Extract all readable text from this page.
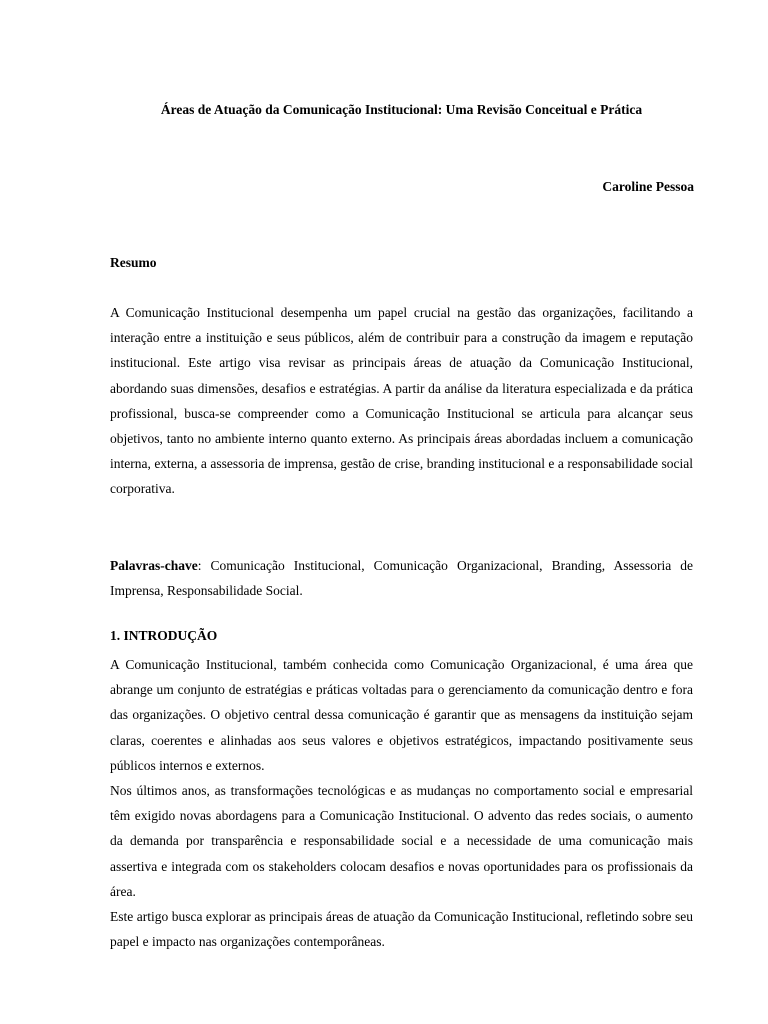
Áreas de Atuação da Comunicação Institucional: Uma Revisão Conceitual e Prática
Caroline Pessoa
Resumo

A Comunicação Institucional desempenha um papel crucial na gestão das organizações, facilitando a interação entre a instituição e seus públicos, além de contribuir para a construção da imagem e reputação institucional. Este artigo visa revisar as principais áreas de atuação da Comunicação Institucional, abordando suas dimensões, desafios e estratégias. A partir da análise da literatura especializada e da prática profissional, busca-se compreender como a Comunicação Institucional se articula para alcançar seus objetivos, tanto no ambiente interno quanto externo. As principais áreas abordadas incluem a comunicação interna, externa, a assessoria de imprensa, gestão de crise, branding institucional e a responsabilidade social corporativa.

Palavras-chave: Comunicação Institucional, Comunicação Organizacional, Branding, Assessoria de Imprensa, Responsabilidade Social.

1. INTRODUÇÃO

A Comunicação Institucional, também conhecida como Comunicação Organizacional, é uma área que abrange um conjunto de estratégias e práticas voltadas para o gerenciamento da comunicação dentro e fora das organizações. O objetivo central dessa comunicação é garantir que as mensagens da instituição sejam claras, coerentes e alinhadas aos seus valores e objetivos estratégicos, impactando positivamente seus públicos internos e externos.

Nos últimos anos, as transformações tecnológicas e as mudanças no comportamento social e empresarial têm exigido novas abordagens para a Comunicação Institucional. O advento das redes sociais, o aumento da demanda por transparência e responsabilidade social e a necessidade de uma comunicação mais assertiva e integrada com os stakeholders colocam desafios e novas oportunidades para os profissionais da área.

Este artigo busca explorar as principais áreas de atuação da Comunicação Institucional, refletindo sobre seu papel e impacto nas organizações contemporâneas.
